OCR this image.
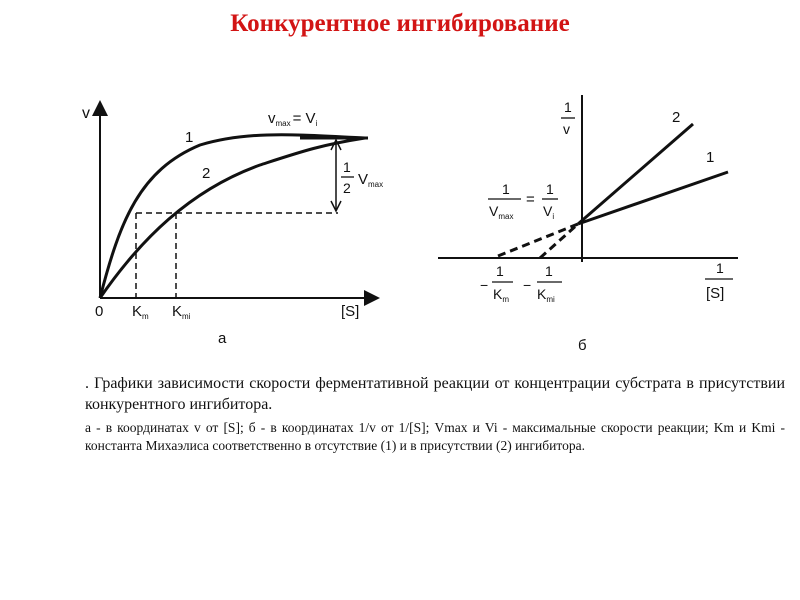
Конкурентное ингибирование
v
[S]
0
1
2
$v_{max} = V_i$
1
2 $V_{max}$
$K_m$ $K_{mi}$
а
1
v
1
[S]
2
1
1
$V_{max}$
=
1
$V_i$
−
1
$K_m$
−
1
$K_{mi}$
б
. Графики зависимости скорости ферментативной реакции от концентрации субстрата в присутствии конкурентного ингибитора.
а - в координатах v от [S]; б - в координатах 1/v от 1/[S]; Vmax и Vi - максимальные скорости реакции; Km и Kmi - константа Михаэлиса соответственно в отсутствие (1) и в присутствии (2) ингибитора.
